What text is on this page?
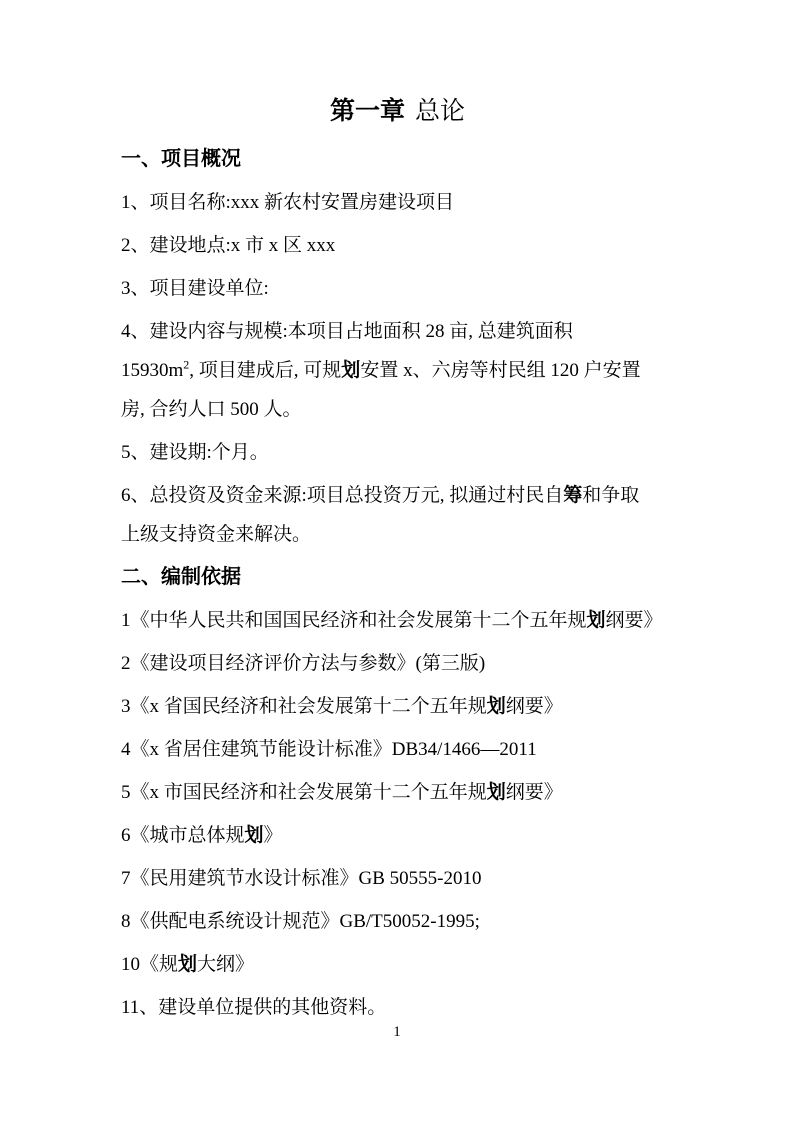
第一章 总论
一、项目概况
1、项目名称:xxx 新农村安置房建设项目
2、建设地点:x 市 x 区 xxx
3、项目建设单位:
4、建设内容与规模:本项目占地面积 28 亩, 总建筑面积
$15930m^2$, 项目建成后, 可规划安置 x、六房等村民组 120 户安置
房, 合约人口 500 人。
5、建设期:个月。
6、总投资及资金来源:项目总投资万元, 拟通过村民自筹和争取
上级支持资金来解决。
二、编制依据
1《中华人民共和国国民经济和社会发展第十二个五年规划纲要》
2《建设项目经济评价方法与参数》(第三版)
3《x 省国民经济和社会发展第十二个五年规划纲要》
4《x 省居住建筑节能设计标准》DB34/1466—2011
5《x 市国民经济和社会发展第十二个五年规划纲要》
6《城市总体规划》
7《民用建筑节水设计标准》GB 50555-2010
8《供配电系统设计规范》GB/T50052-1995;
10《规划大纲》
11、建设单位提供的其他资料。
1
